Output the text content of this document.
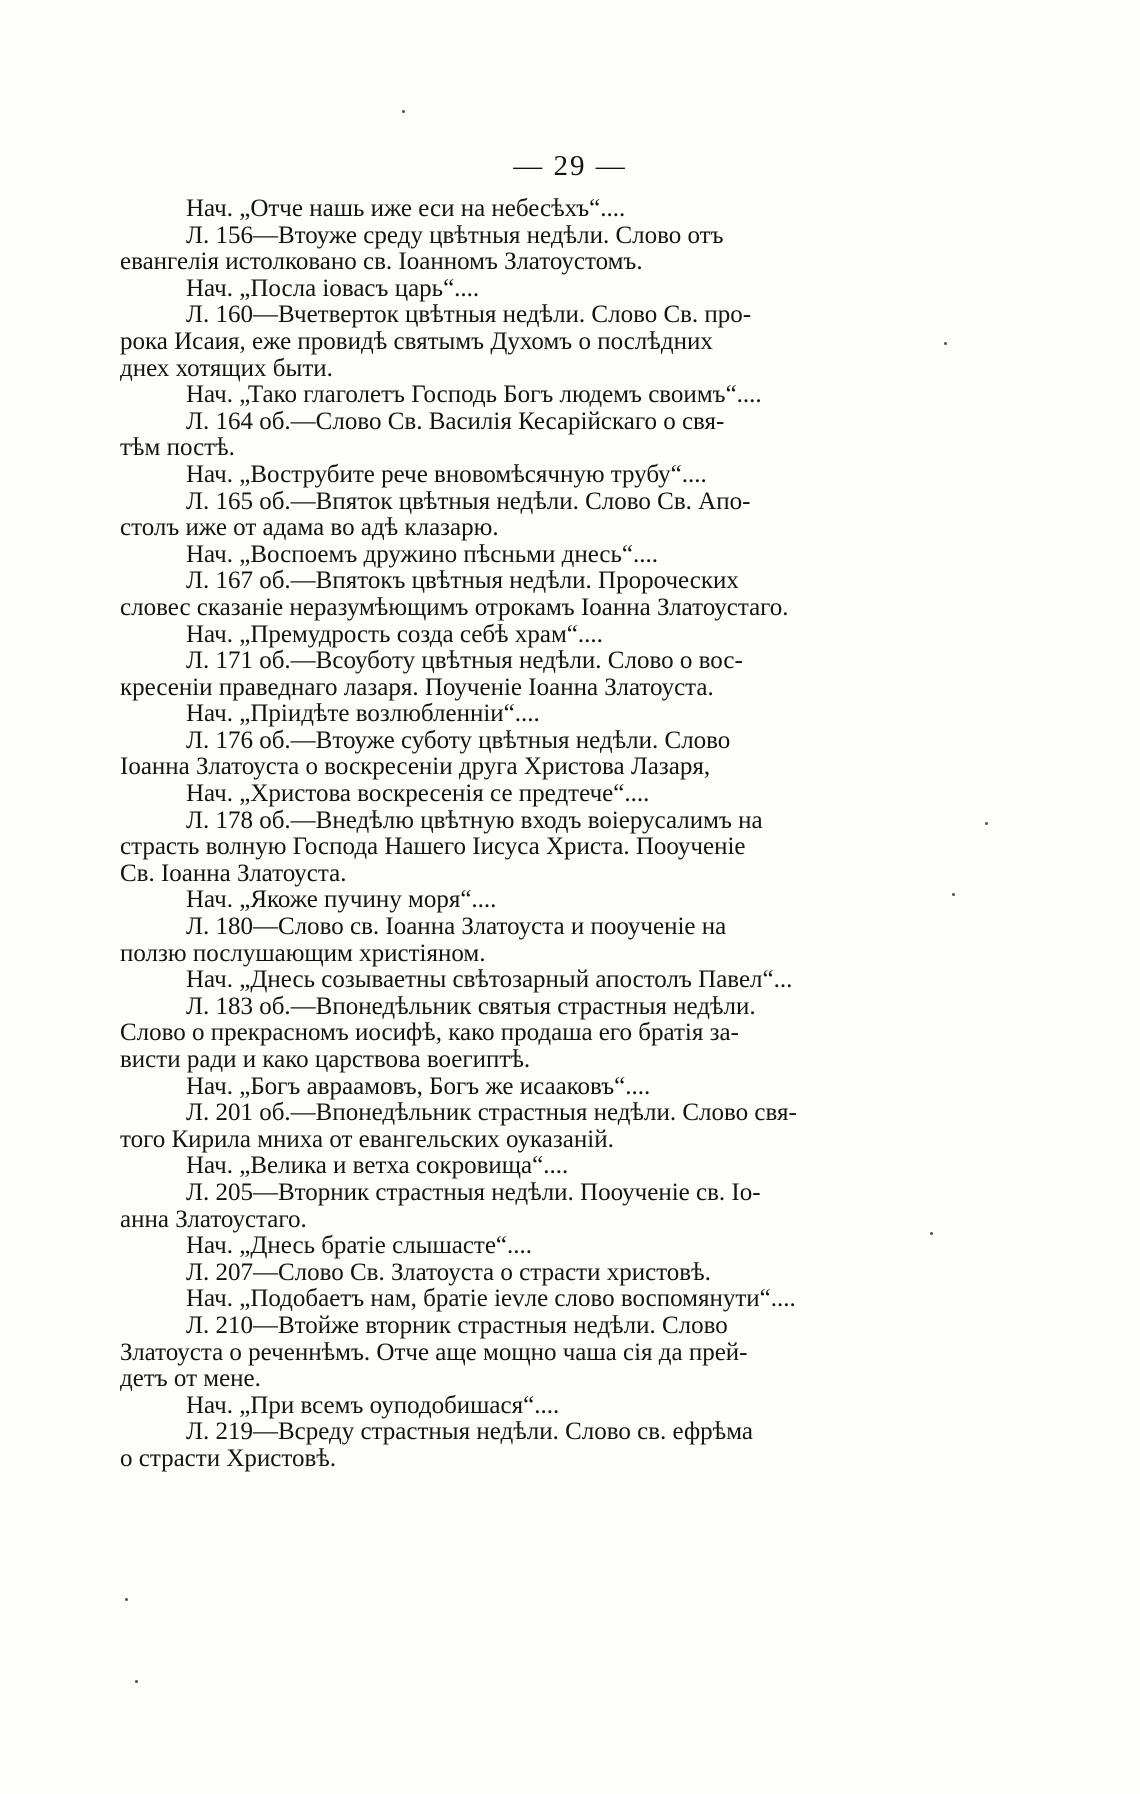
— 29 —
Нач. „Отче нашь иже еси на небесѣхъ“....
Л. 156—Втоуже среду цвѣтныя недѣли. Слово отъ
евангелія истолковано св. Іоанномъ Златоустомъ.
Нач. „Посла іовасъ царь“....
Л. 160—Вчетверток цвѣтныя недѣли. Слово Св. про-
рока Исаия, еже провидѣ святымъ Духомъ о послѣдних
днех хотящих быти.
Нач. „Тако глаголетъ Господь Богъ людемъ своимъ“....
Л. 164 об.—Слово Св. Василія Кесарійскаго о свя-
тѣм постѣ.
Нач. „Вострубите рече вновомѣсячную трубу“....
Л. 165 об.—Впяток цвѣтныя недѣли. Слово Св. Апо-
столъ иже от адама во адѣ клазарю.
Нач. „Воспоемъ дружино пѣсньми днесь“....
Л. 167 об.—Впятокъ цвѣтныя недѣли. Пророческих
словес сказаніе неразумѣющимъ отрокамъ Іоанна Златоустаго.
Нач. „Премудрость созда себѣ храм“....
Л. 171 об.—Всоуботу цвѣтныя недѣли. Слово о вос-
кресеніи праведнаго лазаря. Поученіе Іоанна Златоуста.
Нач. „Пріидѣте возлюбленніи“....
Л. 176 об.—Втоуже суботу цвѣтныя недѣли. Слово
Іоанна Златоуста о воскресеніи друга Христова Лазаря,
Нач. „Христова воскресенія се предтече“....
Л. 178 об.—Внедѣлю цвѣтную входъ воіерусалимъ на
страсть волную Господа Нашего Іисуса Христа. Пооученіе
Св. Іоанна Златоуста.
Нач. „Якоже пучину моря“....
Л. 180—Слово св. Іоанна Златоуста и пооученіе на
ползю послушающим христіяном.
Нач. „Днесь созываетны свѣтозарный апостолъ Павел“...
Л. 183 об.—Впонедѣльник святыя страстныя недѣли.
Слово о прекрасномъ иосифѣ, како продаша его братія за-
висти ради и како царствова воегиптѣ.
Нач. „Богъ авраамовъ, Богъ же исааковъ“....
Л. 201 об.—Впонедѣльник страстныя недѣли. Слово свя-
того Кирила мниха от евангельских оуказаній.
Нач. „Велика и ветха сокровища“....
Л. 205—Вторник страстныя недѣли. Пооученіе св. Іо-
анна Златоустаго.
Нач. „Днесь братіе слышасте“....
Л. 207—Слово Св. Златоуста о страсти христовѣ.
Нач. „Подобаетъ нам, братіе ievле слово воспомянути“....
Л. 210—Втойже вторник страстныя недѣли. Слово
Златоуста о реченнѣмъ. Отче аще мощно чаша сія да прей-
детъ от мене.
Нач. „При всемъ оуподобишася“....
Л. 219—Всреду страстныя недѣли. Слово св. ефрѣма
о страсти Христовѣ.
